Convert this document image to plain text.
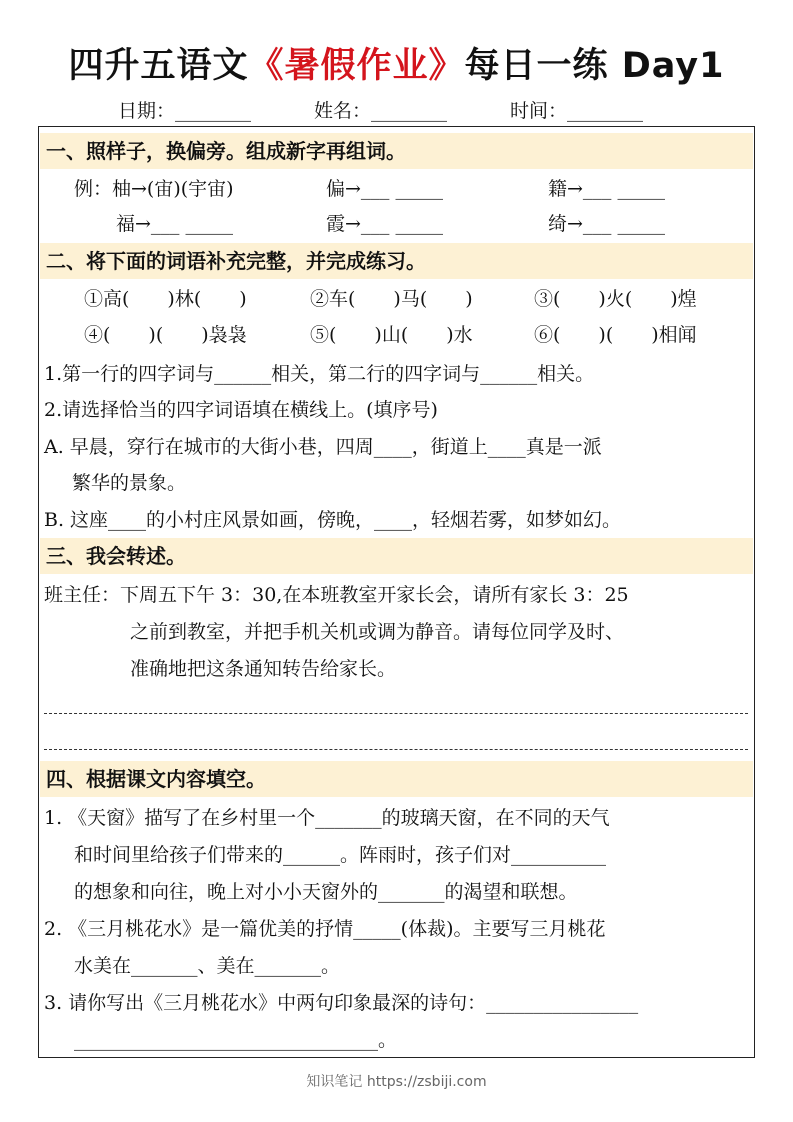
四升五语文《暑假作业》每日一练 Day1
日期：________	姓名：________	时间：________
一、照样子，换偏旁。组成新字再组词。
例：柚→(宙)(宇宙)	偏→___ _____	籍→___ _____
福→___ _____	霞→___ _____	绮→___ _____
二、将下面的词语补充完整，并完成练习。
①高(　　)林(　　)	②车(　　)马(　　)	③(　　)火(　　)煌
④(　　)(　　)袅袅	⑤(　　)山(　　)水	⑥(　　)(　　)相闻
1.第一行的四字词与______相关，第二行的四字词与______相关。
2.请选择恰当的四字词语填在横线上。(填序号)
A. 早晨，穿行在城市的大街小巷，四周____，街道上____真是一派
繁华的景象。
B. 这座____的小村庄风景如画，傍晚，____，轻烟若雾，如梦如幻。
三、我会转述。
班主任：下周五下午 3：30,在本班教室开家长会，请所有家长 3：25
之前到教室，并把手机关机或调为静音。请每位同学及时、
准确地把这条通知转告给家长。
四、根据课文内容填空。
1. 《天窗》描写了在乡村里一个_______的玻璃天窗，在不同的天气
和时间里给孩子们带来的______。阵雨时，孩子们对__________
的想象和向往，晚上对小小天窗外的_______的渴望和联想。
2. 《三月桃花水》是一篇优美的抒情_____(体裁)。主要写三月桃花
水美在_______、美在_______。
3. 请你写出《三月桃花水》中两句印象最深的诗句：________________
________________________________。
知识笔记 https://zsbiji.com
